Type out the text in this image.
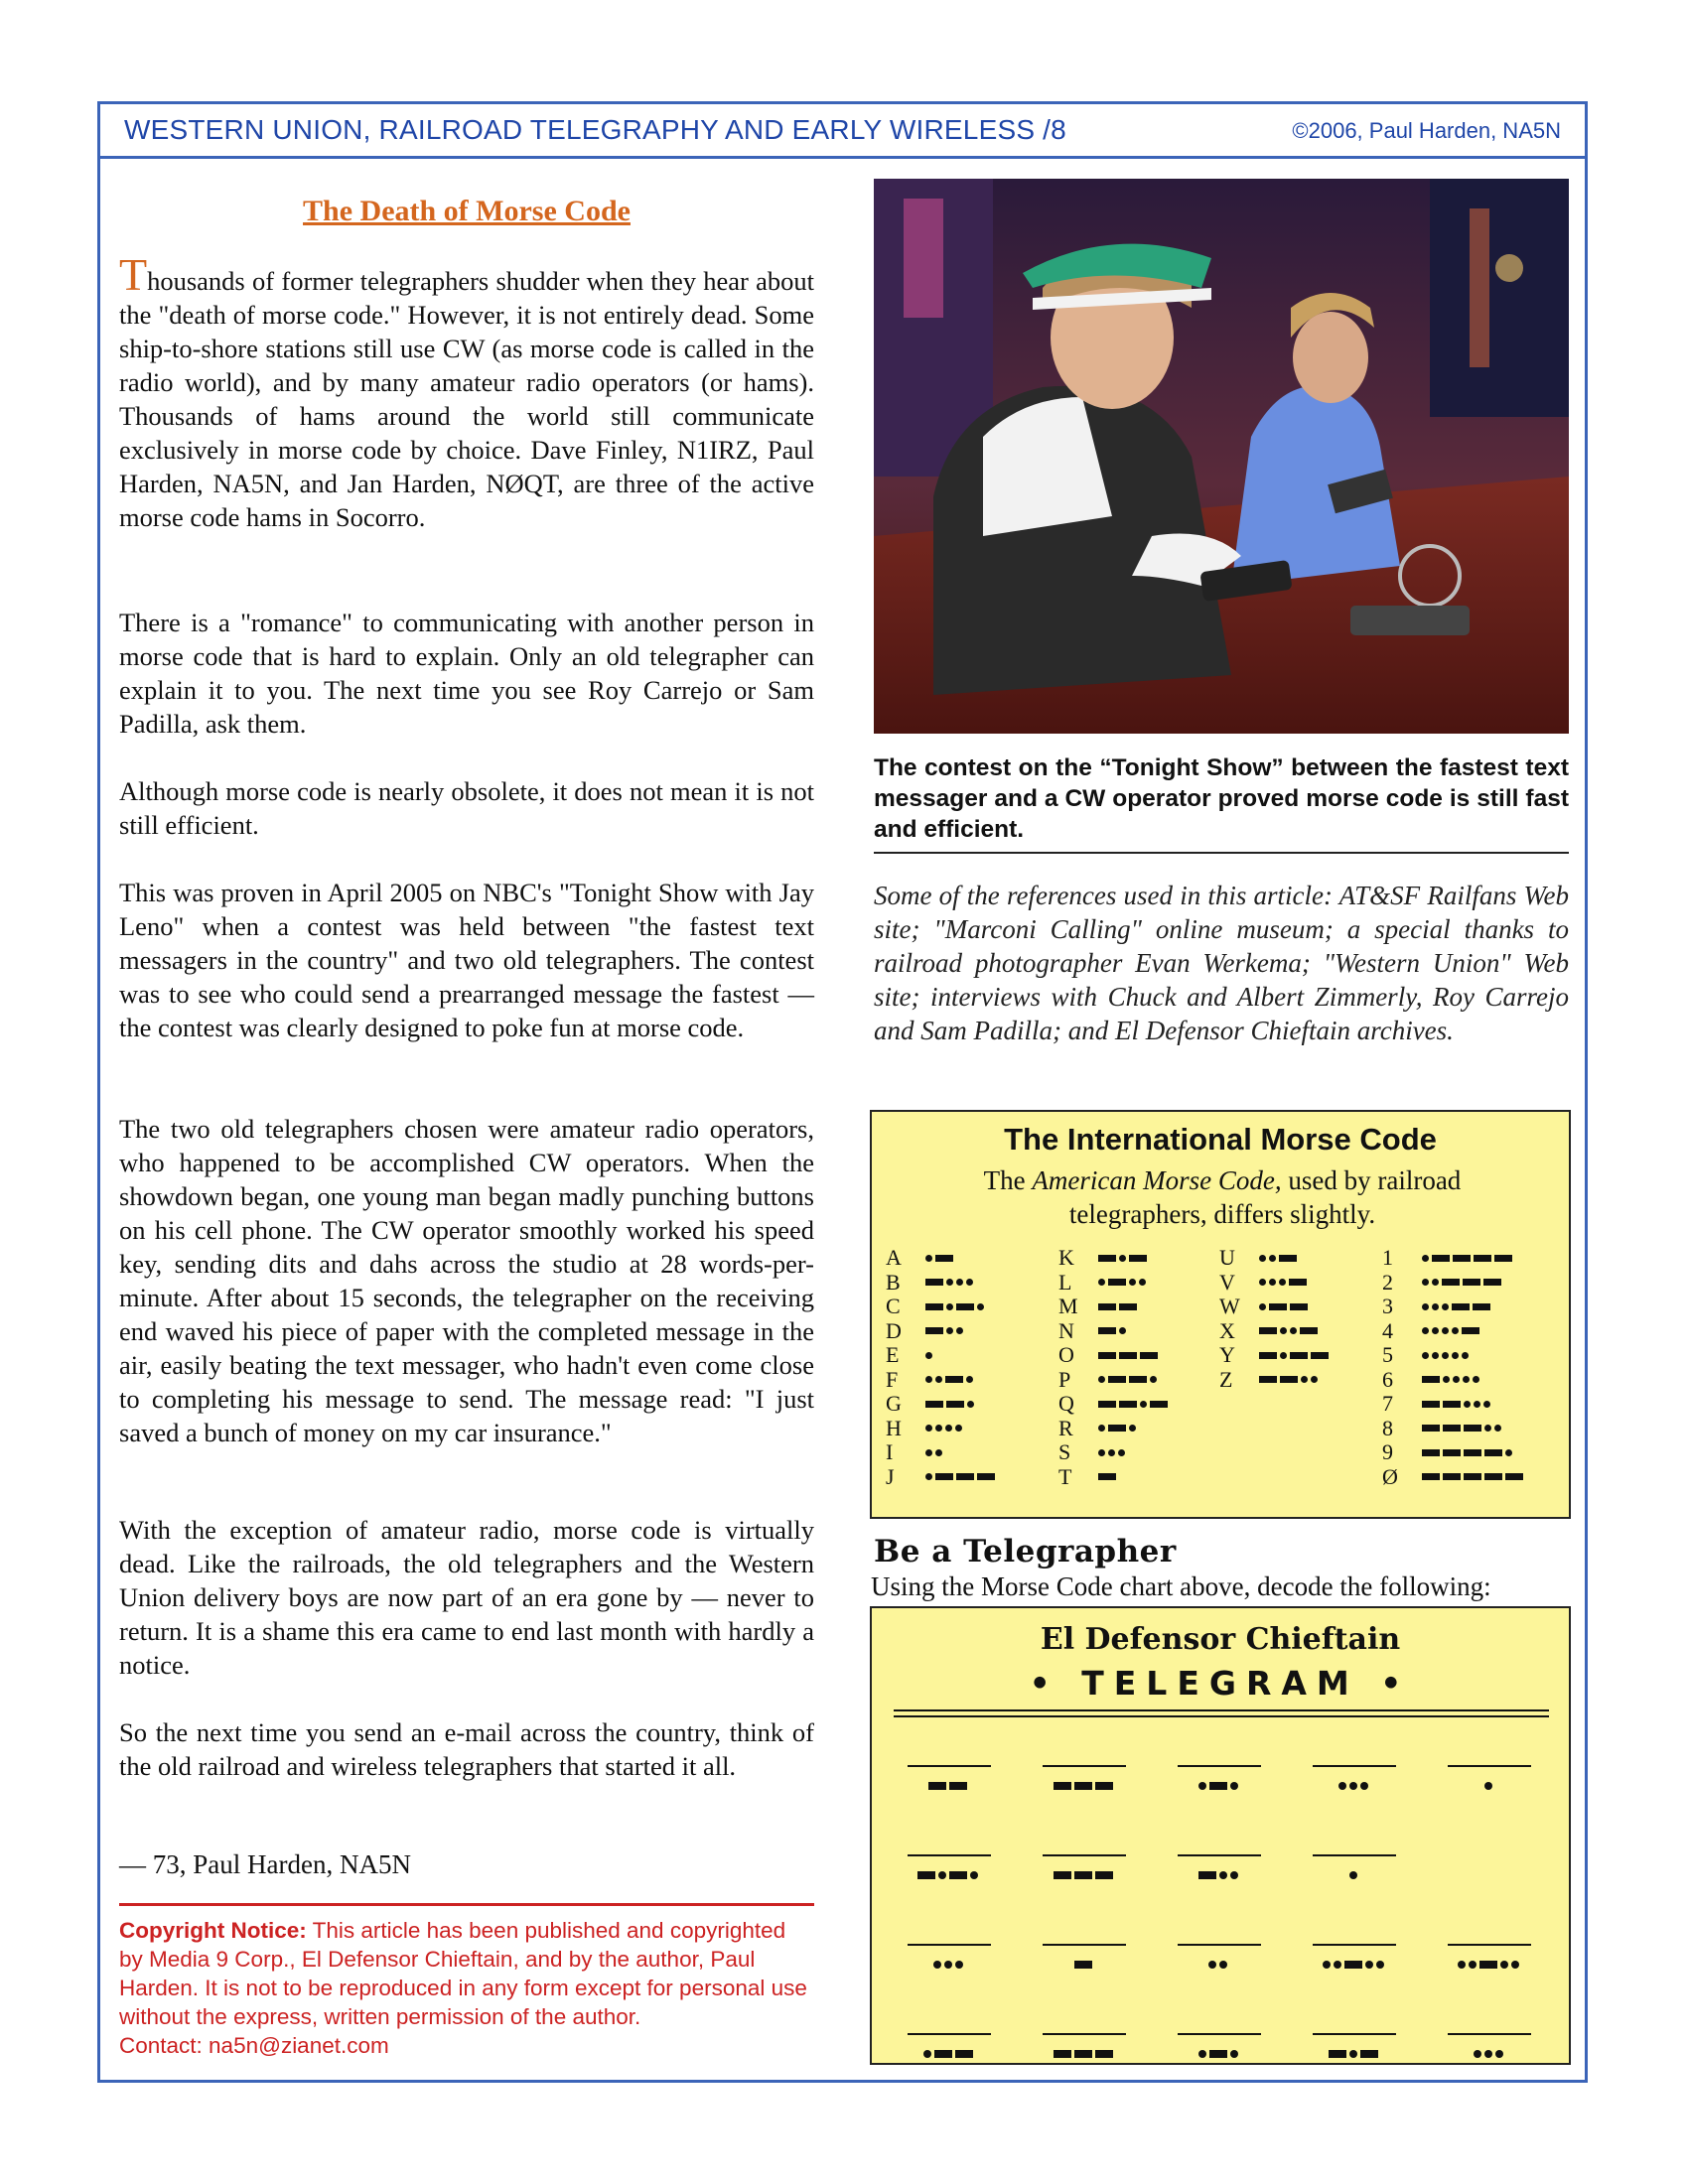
WESTERN UNION, RAILROAD TELEGRAPHY AND EARLY WIRELESS /8	©2006, Paul Harden, NA5N
The Death of Morse Code

Thousands of former telegraphers shudder when they hear about the "death of morse code." However, it is not entirely dead. Some ship-to-shore stations still use CW (as morse code is called in the radio world), and by many amateur radio operators (or hams). Thousands of hams around the world still communicate exclusively in morse code by choice. Dave Finley, N1IRZ, Paul Harden, NA5N, and Jan Harden, NØQT, are three of the active morse code hams in Socorro.

There is a "romance" to communicating with another person in morse code that is hard to explain. Only an old telegrapher can explain it to you. The next time you see Roy Carrejo or Sam Padilla, ask them.

Although morse code is nearly obsolete, it does not mean it is not still efficient.

This was proven in April 2005 on NBC's "Tonight Show with Jay Leno" when a contest was held between "the fastest text messagers in the country" and two old telegraphers. The contest was to see who could send a prearranged message the fastest — the contest was clearly designed to poke fun at morse code.

The two old telegraphers chosen were amateur radio operators, who happened to be accomplished CW operators. When the showdown began, one young man began madly punching buttons on his cell phone. The CW operator smoothly worked his speed key, sending dits and dahs across the studio at 28 words-per-minute. After about 15 seconds, the telegrapher on the receiving end waved his piece of paper with the completed message in the air, easily beating the text messager, who hadn't even come close to completing his message to send. The message read: "I just saved a bunch of money on my car insurance."

With the exception of amateur radio, morse code is virtually dead. Like the railroads, the old telegraphers and the Western Union delivery boys are now part of an era gone by — never to return. It is a shame this era came to end last month with hardly a notice.

So the next time you send an e-mail across the country, think of the old railroad and wireless telegraphers that started it all.

— 73, Paul Harden, NA5N
Copyright Notice: This article has been published and copyrighted by Media 9 Corp., El Defensor Chieftain, and by the author, Paul Harden. It is not to be reproduced in any form except for personal use without the express, written permission of the author.
Contact: na5n@zianet.com
The contest on the “Tonight Show” between the fastest text messager and a CW operator proved morse code is still fast and efficient.
Some of the references used in this article: AT&SF Railfans Web site; "Marconi Calling" online museum; a special thanks to railroad photographer Evan Werkema; "Western Union" Web site; interviews with Chuck and Albert Zimmerly, Roy Carrejo and Sam Padilla; and El Defensor Chieftain archives.
The International Morse Code
The American Morse Code, used by railroad telegraphers, differs slightly.
A
B
C
D
E
F
G
H
I
J
K
L
M
N
O
P
Q
R
S
T
U
V
W
X
Y
Z
1
2
3
4
5
6
7
8
9
Ø
Be a Telegrapher
Using the Morse Code chart above, decode the following:
El Defensor Chieftain
• TELEGRAM •
